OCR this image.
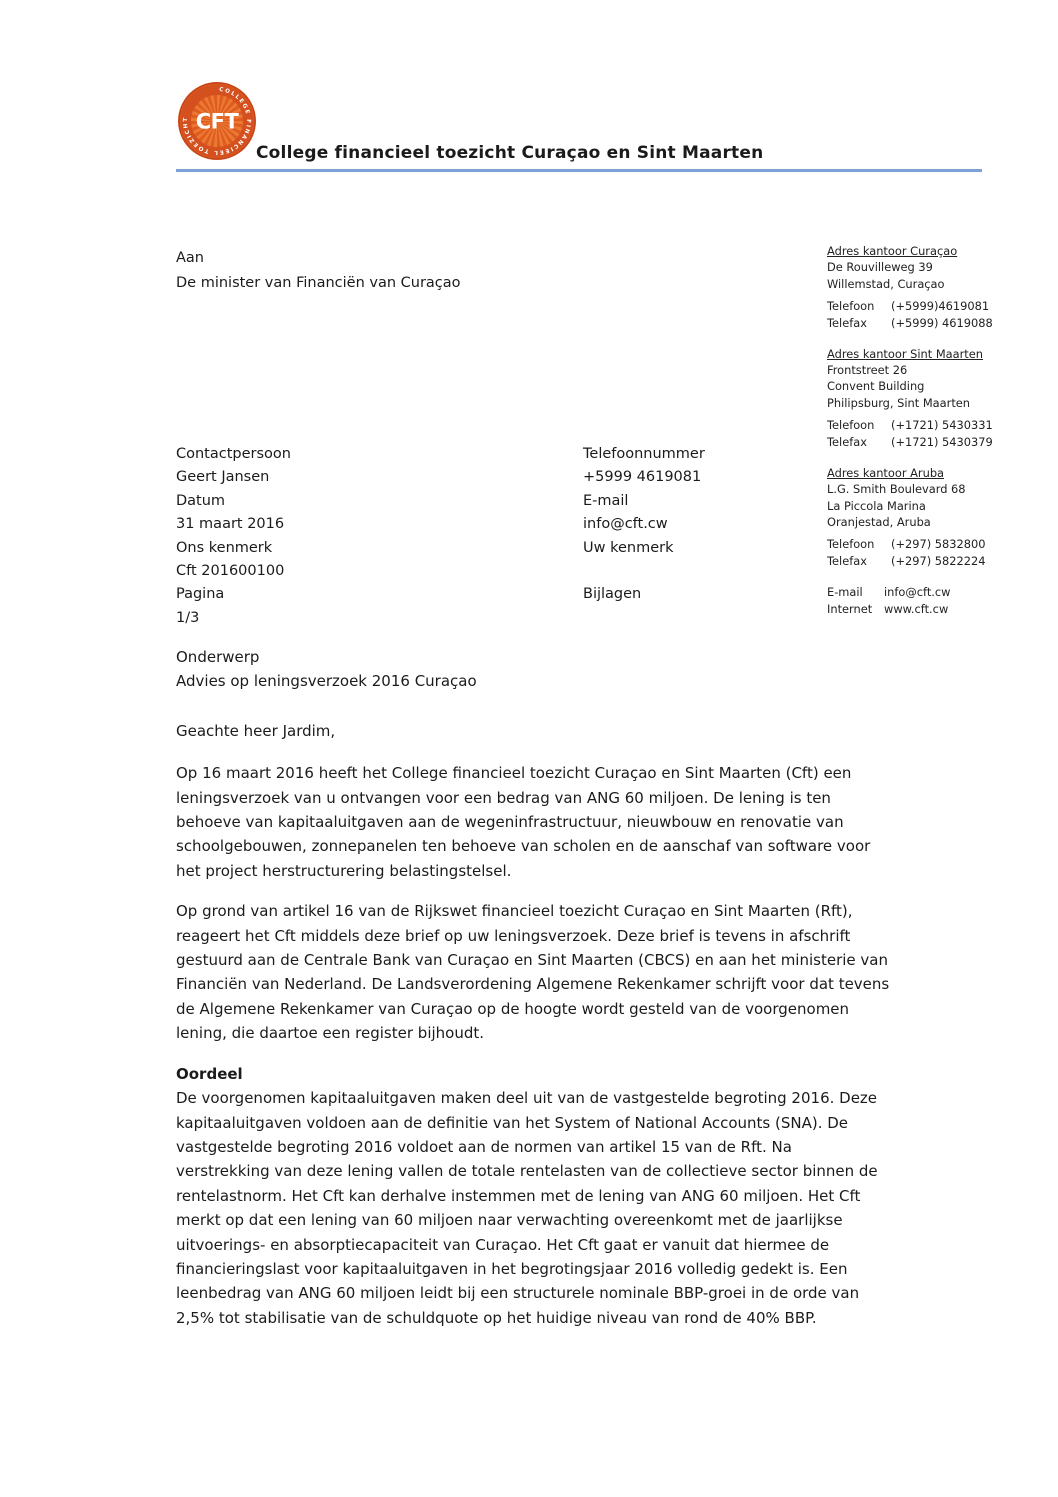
COLLEGE FINANCIEEL TOEZICHT CFT
College financieel toezicht Curaçao en Sint Maarten
Aan
De minister van Financiën van Curaçao
Adres kantoor Curaçao
De Rouvilleweg 39
Willemstad, Curaçao
Telefoon (+5999)4619081
Telefax (+5999) 4619088
Adres kantoor Sint Maarten
Frontstreet 26
Convent Building
Philipsburg, Sint Maarten
Telefoon (+1721) 5430331
Telefax (+1721) 5430379
Adres kantoor Aruba
L.G. Smith Boulevard 68
La Piccola Marina
Oranjestad, Aruba
Telefoon (+297) 5832800
Telefax (+297) 5822224
E-mail info@cft.cw
Internet www.cft.cw
Contactpersoon
Geert Jansen
Datum
31 maart 2016
Ons kenmerk
Cft 201600100
Pagina
1/3
Telefoonnummer
+5999 4619081
E-mail
info@cft.cw
Uw kenmerk
Bijlagen
Onderwerp
Advies op leningsverzoek 2016 Curaçao
Geachte heer Jardim,

Op 16 maart 2016 heeft het College financieel toezicht Curaçao en Sint Maarten (Cft) een leningsverzoek van u ontvangen voor een bedrag van ANG 60 miljoen. De lening is ten behoeve van kapitaaluitgaven aan de wegeninfrastructuur, nieuwbouw en renovatie van schoolgebouwen, zonnepanelen ten behoeve van scholen en de aanschaf van software voor het project herstructurering belastingstelsel.

Op grond van artikel 16 van de Rijkswet financieel toezicht Curaçao en Sint Maarten (Rft), reageert het Cft middels deze brief op uw leningsverzoek. Deze brief is tevens in afschrift gestuurd aan de Centrale Bank van Curaçao en Sint Maarten (CBCS) en aan het ministerie van Financiën van Nederland. De Landsverordening Algemene Rekenkamer schrijft voor dat tevens de Algemene Rekenkamer van Curaçao op de hoogte wordt gesteld van de voorgenomen lening, die daartoe een register bijhoudt.

Oordeel

De voorgenomen kapitaaluitgaven maken deel uit van de vastgestelde begroting 2016. Deze kapitaaluitgaven voldoen aan de definitie van het System of National Accounts (SNA). De vastgestelde begroting 2016 voldoet aan de normen van artikel 15 van de Rft. Na verstrekking van deze lening vallen de totale rentelasten van de collectieve sector binnen de rentelastnorm. Het Cft kan derhalve instemmen met de lening van ANG 60 miljoen. Het Cft merkt op dat een lening van 60 miljoen naar verwachting overeenkomt met de jaarlijkse uitvoerings- en absorptiecapaciteit van Curaçao. Het Cft gaat er vanuit dat hiermee de financieringslast voor kapitaaluitgaven in het begrotingsjaar 2016 volledig gedekt is. Een leenbedrag van ANG 60 miljoen leidt bij een structurele nominale BBP-groei in de orde van 2,5% tot stabilisatie van de schuldquote op het huidige niveau van rond de 40% BBP.
